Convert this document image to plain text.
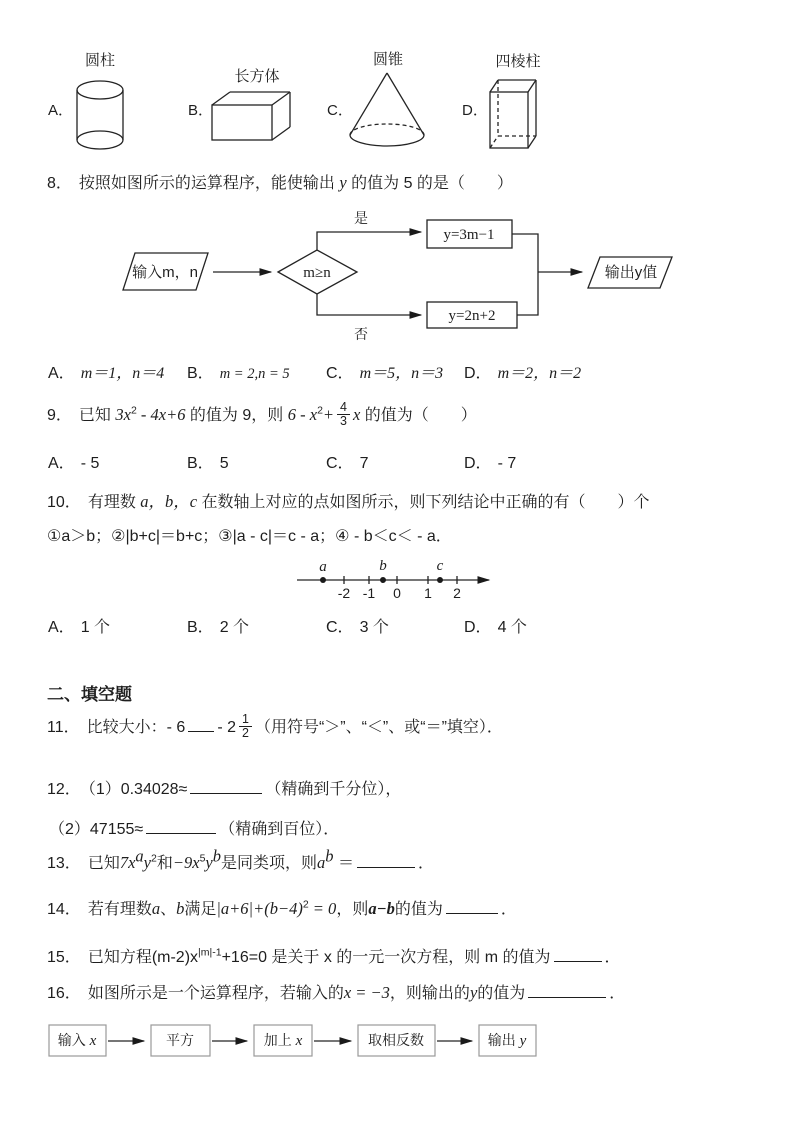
A．
圆柱
B．
长方体
C．
圆锥
D．
四棱柱
8． 按照如图所示的运算程序，能使输出 y 的值为 5 的是（　　）
输入m，n	m≥n
是
y=3m−1
否
y=2n+2
输出y值
A． m＝1，n＝4 B． m = 2,n = 5 C． m＝5，n＝3 D． m＝2，n＝2
9． 已知 $3x^2 - 4x+6$ 的值为 9，则 $6 - x^2+ \frac{4}{3}$ x 的值为（　　）
A． - 5	B． 5	C． 7	D． - 7
10． 有理数 a，b，c 在数轴上对应的点如图所示，则下列结论中正确的有（　　）个
①a＞b；②|b+c|＝b+c；③|a - c|＝c - a；④ - b＜c＜ - a．
-2 -1 0 1 2
a	b	c
A． 1 个	B． 2 个	C． 3 个	D． 4 个
二、填空题
11． 比较大小：- $6 - 2 \frac{1}{2}$ （用符号“＞”、“＜”、或“＝”填空）．
12． （1）0.34028≈	（精确到千分位），
（2）47155≈	（精确到百位）．
13． 已知$7x^ay^2$和$-9x^5y^b$是同类项，则$a^b$ ＝	．
14． 若有理数a、b满足$|a+6|+(b-4)^2 = 0$，则a−b的值为	．
15． 已知方程$(m-2)x^{|m|-1}+16=0$ 是关于 x 的一元一次方程，则 m 的值为	．
16． 如图所示是一个运算程序，若输入的x = −3，则输出的y的值为	．
输入 x	平方	加上 x	取相反数	输出 y
